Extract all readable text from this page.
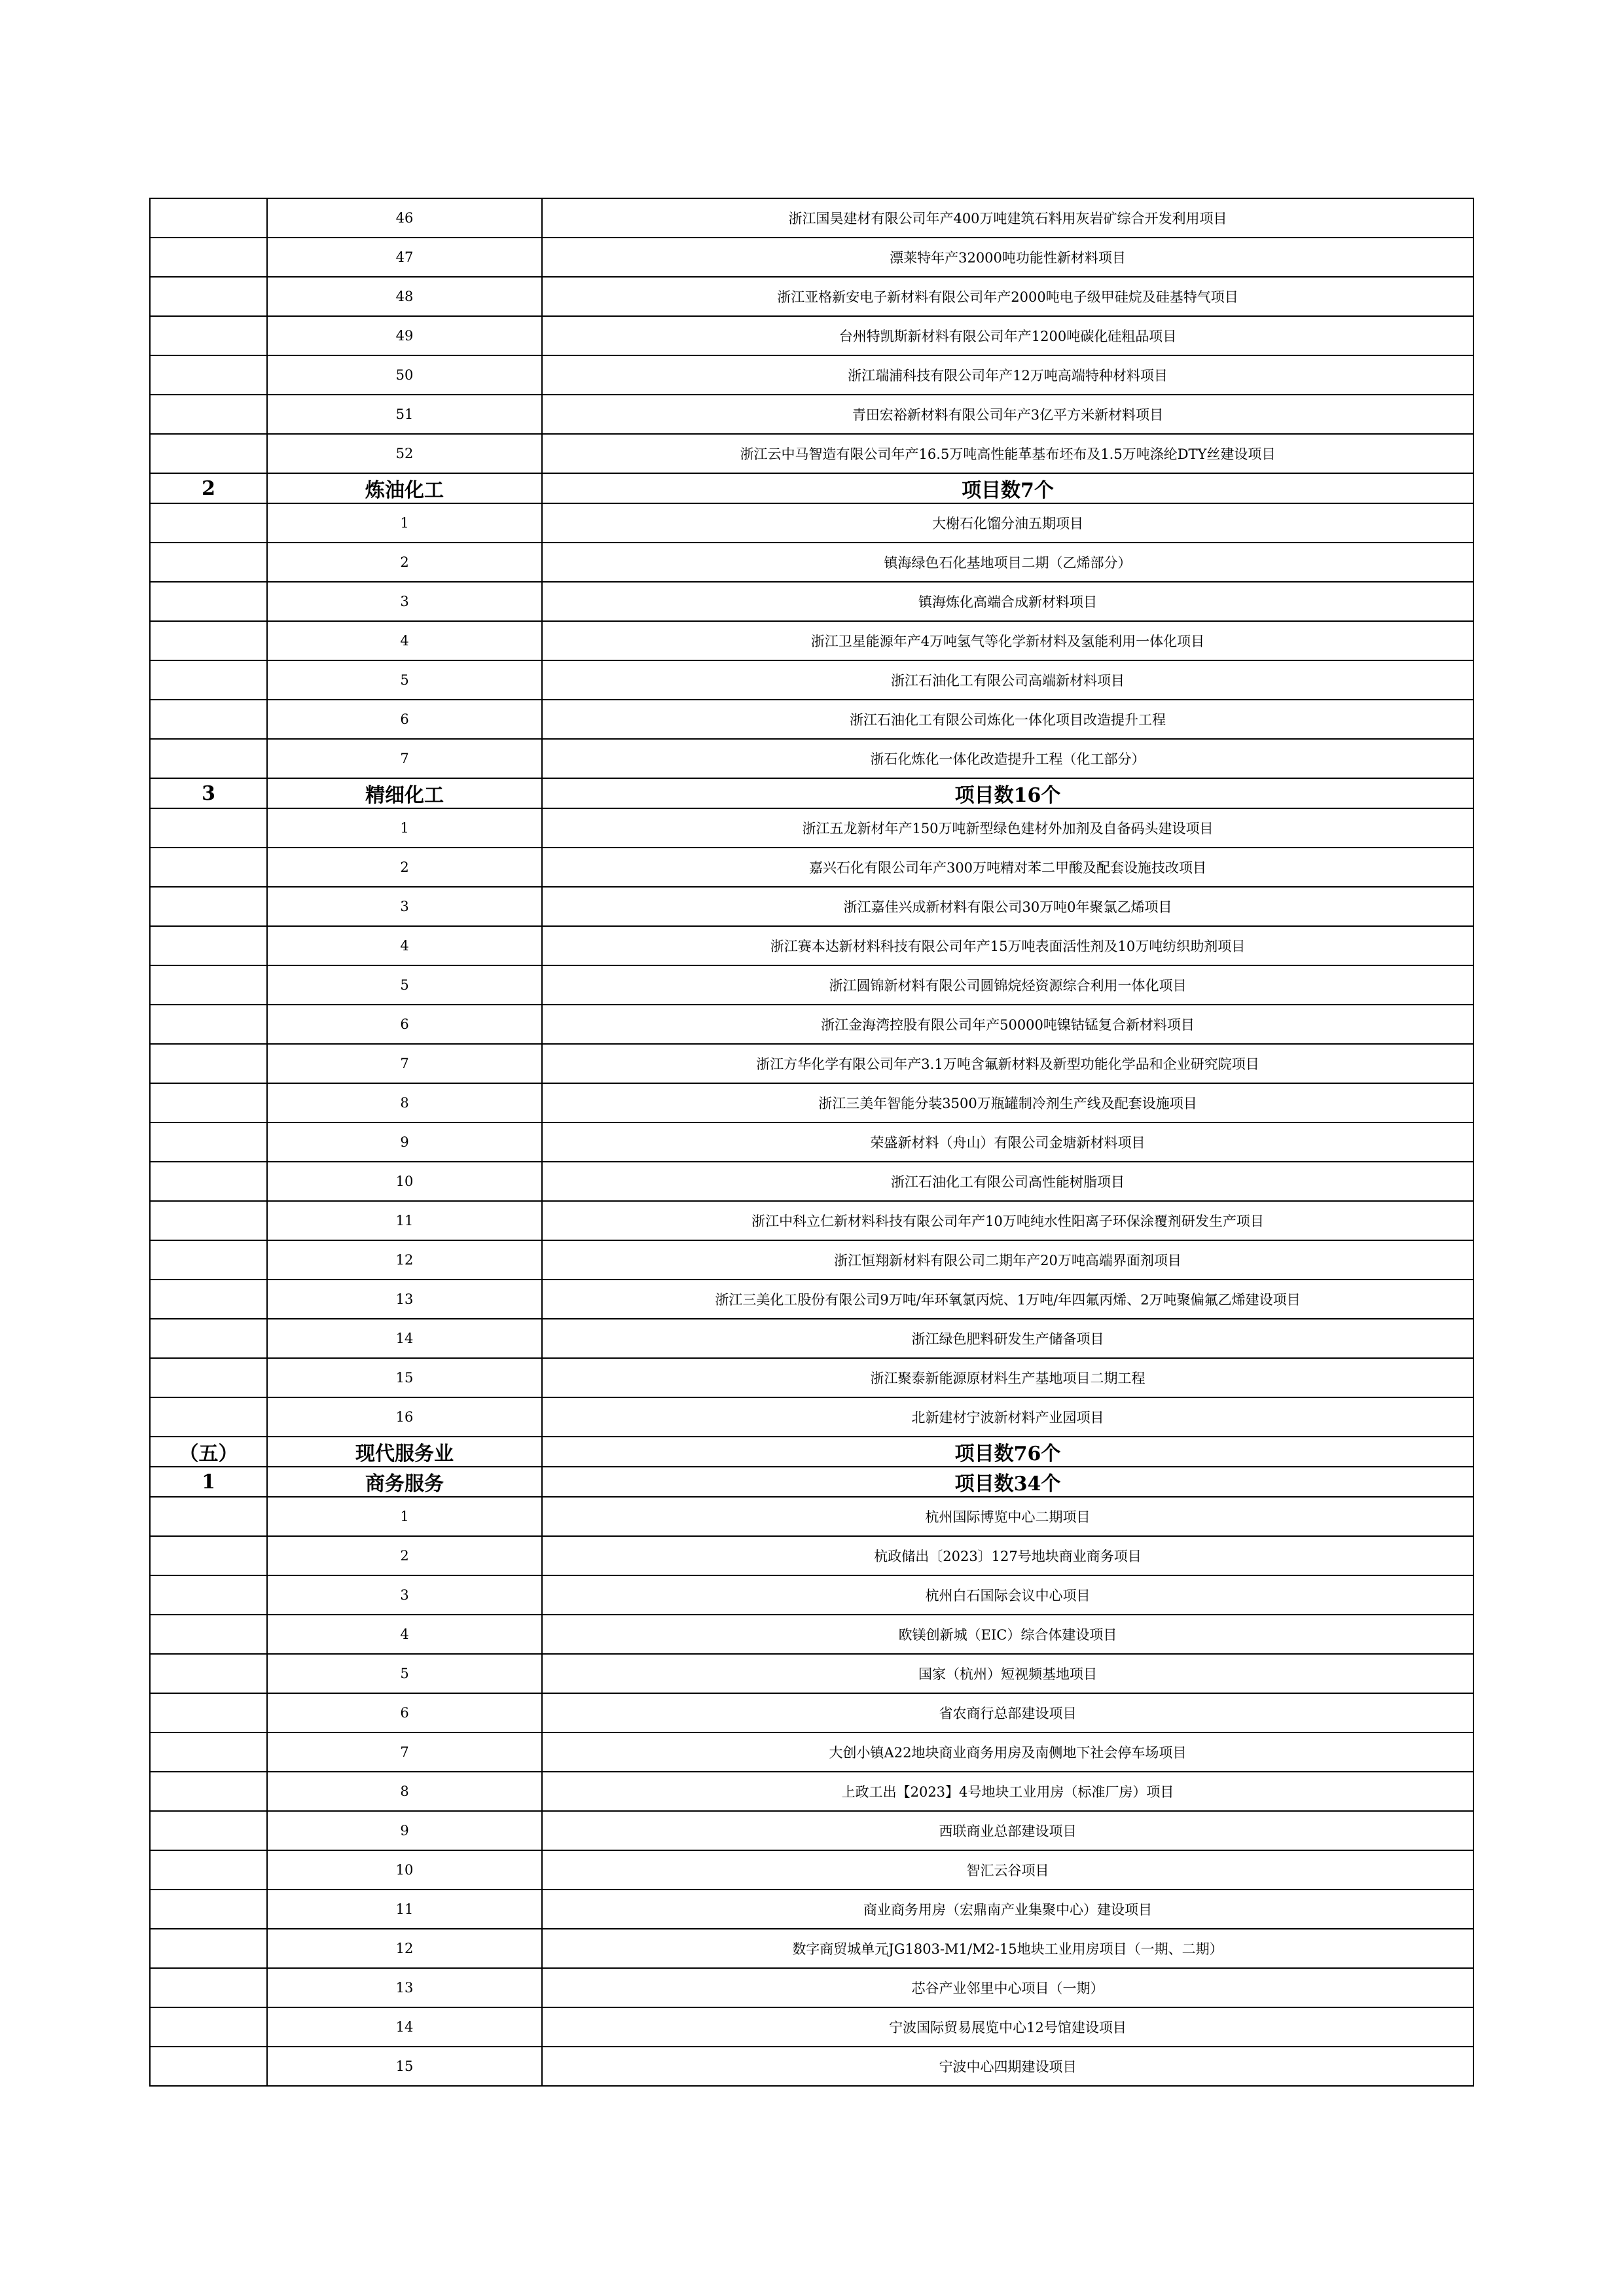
	46	浙江国昊建材有限公司年产400万吨建筑石料用灰岩矿综合开发利用项目
	47	漂莱特年产32000吨功能性新材料项目
	48	浙江亚格新安电子新材料有限公司年产2000吨电子级甲硅烷及硅基特气项目
	49	台州特凯斯新材料有限公司年产1200吨碳化硅粗品项目
	50	浙江瑞浦科技有限公司年产12万吨高端特种材料项目
	51	青田宏裕新材料有限公司年产3亿平方米新材料项目
	52	浙江云中马智造有限公司年产16.5万吨高性能革基布坯布及1.5万吨涤纶DTY丝建设项目
2	炼油化工	项目数7个
	1	大榭石化馏分油五期项目
	2	镇海绿色石化基地项目二期（乙烯部分）
	3	镇海炼化高端合成新材料项目
	4	浙江卫星能源年产4万吨氢气等化学新材料及氢能利用一体化项目
	5	浙江石油化工有限公司高端新材料项目
	6	浙江石油化工有限公司炼化一体化项目改造提升工程
	7	浙石化炼化一体化改造提升工程（化工部分）
3	精细化工	项目数16个
	1	浙江五龙新材年产150万吨新型绿色建材外加剂及自备码头建设项目
	2	嘉兴石化有限公司年产300万吨精对苯二甲酸及配套设施技改项目
	3	浙江嘉佳兴成新材料有限公司30万吨0年聚氯乙烯项目
	4	浙江赛本达新材料科技有限公司年产15万吨表面活性剂及10万吨纺织助剂项目
	5	浙江圆锦新材料有限公司圆锦烷烃资源综合利用一体化项目
	6	浙江金海湾控股有限公司年产50000吨镍钴锰复合新材料项目
	7	浙江方华化学有限公司年产3.1万吨含氟新材料及新型功能化学品和企业研究院项目
	8	浙江三美年智能分装3500万瓶罐制冷剂生产线及配套设施项目
	9	荣盛新材料（舟山）有限公司金塘新材料项目
	10	浙江石油化工有限公司高性能树脂项目
	11	浙江中科立仁新材料科技有限公司年产10万吨纯水性阳离子环保涂覆剂研发生产项目
	12	浙江恒翔新材料有限公司二期年产20万吨高端界面剂项目
	13	浙江三美化工股份有限公司9万吨/年环氧氯丙烷、1万吨/年四氟丙烯、2万吨聚偏氟乙烯建设项目
	14	浙江绿色肥料研发生产储备项目
	15	浙江聚泰新能源原材料生产基地项目二期工程
	16	北新建材宁波新材料产业园项目
（五）	现代服务业	项目数76个
1	商务服务	项目数34个
	1	杭州国际博览中心二期项目
	2	杭政储出〔2023〕127号地块商业商务项目
	3	杭州白石国际会议中心项目
	4	欧镁创新城（EIC）综合体建设项目
	5	国家（杭州）短视频基地项目
	6	省农商行总部建设项目
	7	大创小镇A22地块商业商务用房及南侧地下社会停车场项目
	8	上政工出【2023】4号地块工业用房（标准厂房）项目
	9	西联商业总部建设项目
	10	智汇云谷项目
	11	商业商务用房（宏鼎南产业集聚中心）建设项目
	12	数字商贸城单元JG1803-M1/M2-15地块工业用房项目（一期、二期）
	13	芯谷产业邻里中心项目（一期）
	14	宁波国际贸易展览中心12号馆建设项目
	15	宁波中心四期建设项目
